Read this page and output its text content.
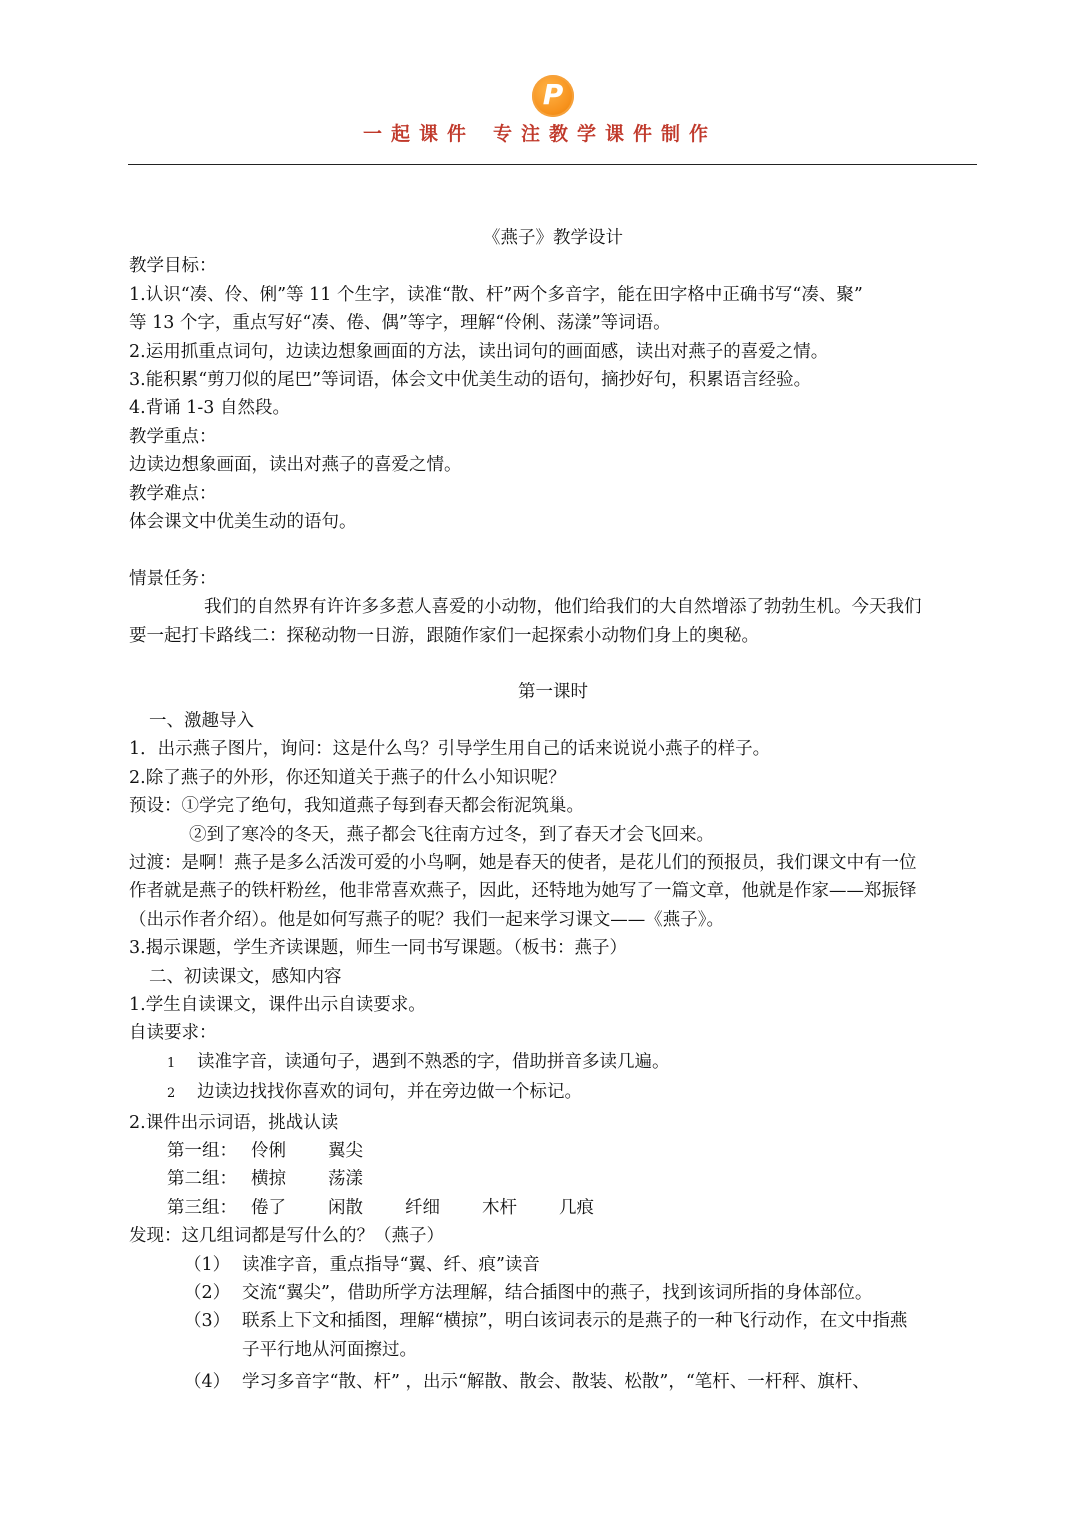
P
一起课件 专注教学课件制作

《燕子》教学设计

教学目标：

1.认识“凑、伶、俐”等 11 个生字，读准“散、杆”两个多音字，能在田字格中正确书写“凑、聚”

等 13 个字，重点写好“凑、倦、偶”等字，理解“伶俐、荡漾”等词语。

2.运用抓重点词句，边读边想象画面的方法，读出词句的画面感，读出对燕子的喜爱之情。

3.能积累“剪刀似的尾巴”等词语，体会文中优美生动的语句，摘抄好句，积累语言经验。

4.背诵 1-3 自然段。

教学重点：

边读边想象画面，读出对燕子的喜爱之情。

教学难点：

体会课文中优美生动的语句。

情景任务：

我们的自然界有许许多多惹人喜爱的小动物，他们给我们的大自然增添了勃勃生机。今天我们

要一起打卡路线二：探秘动物一日游，跟随作家们一起探索小动物们身上的奥秘。

第一课时

一、激趣导入

1．出示燕子图片，询问：这是什么鸟？引导学生用自己的话来说说小燕子的样子。

2.除了燕子的外形，你还知道关于燕子的什么小知识呢？

预设：①学完了绝句，我知道燕子每到春天都会衔泥筑巢。

②到了寒冷的冬天，燕子都会飞往南方过冬，到了春天才会飞回来。

过渡：是啊！燕子是多么活泼可爱的小鸟啊，她是春天的使者，是花儿们的预报员，我们课文中有一位

作者就是燕子的铁杆粉丝，他非常喜欢燕子，因此，还特地为她写了一篇文章，他就是作家——郑振铎

（出示作者介绍）。他是如何写燕子的呢？我们一起来学习课文——《燕子》。

3.揭示课题，学生齐读课题，师生一同书写课题。（板书：燕子）

二、初读课文，感知内容

1.学生自读课文，课件出示自读要求。

自读要求：

1 读准字音，读通句子，遇到不熟悉的字，借助拼音多读几遍。

2 边读边找找你喜欢的词句，并在旁边做一个标记。

2.课件出示词语，挑战认读

第一组： 伶俐 翼尖

第二组： 横掠 荡漾

第三组： 倦了 闲散 纤细 木杆 几痕

发现：这几组词都是写什么的？（燕子）

（1） 读准字音，重点指导“翼、纤、痕”读音

（2） 交流“翼尖”，借助所学方法理解，结合插图中的燕子，找到该词所指的身体部位。

（3） 联系上下文和插图，理解“横掠”，明白该词表示的是燕子的一种飞行动作，在文中指燕

子平行地从河面擦过。

（4） 学习多音字“散、杆” ，出示“解散、散会、散装、松散”，“笔杆、一杆秤、旗杆、
